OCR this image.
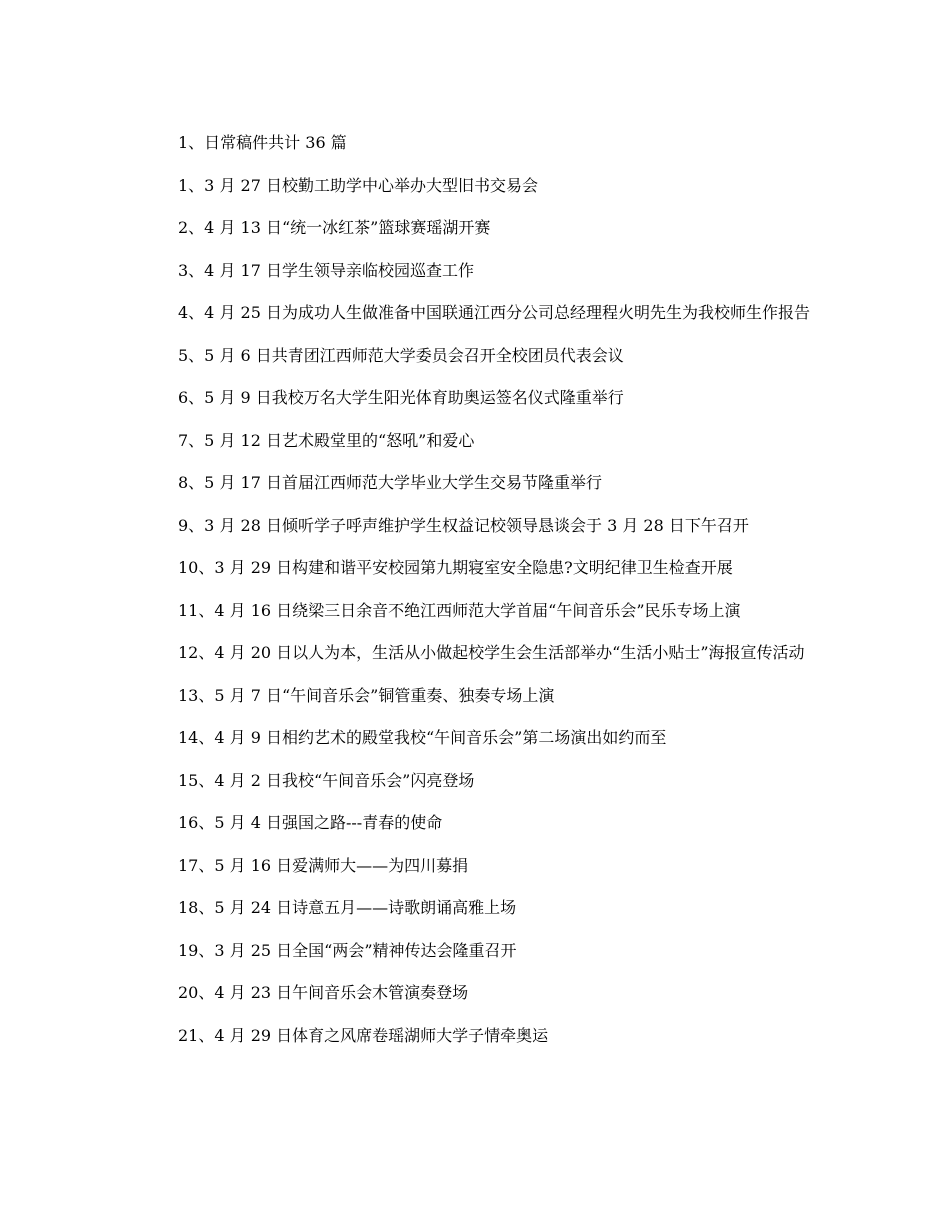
1、日常稿件共计 36 篇

1、3 月 27 日校勤工助学中心举办大型旧书交易会

2、4 月 13 日“统一冰红茶”篮球赛瑶湖开赛

3、4 月 17 日学生领导亲临校园巡查工作

4、4 月 25 日为成功人生做准备中国联通江西分公司总经理程火明先生为我校师生作报告

5、5 月 6 日共青团江西师范大学委员会召开全校团员代表会议

6、5 月 9 日我校万名大学生阳光体育助奥运签名仪式隆重举行

7、5 月 12 日艺术殿堂里的“怒吼”和爱心

8、5 月 17 日首届江西师范大学毕业大学生交易节隆重举行

9、3 月 28 日倾听学子呼声维护学生权益记校领导恳谈会于 3 月 28 日下午召开

10、3 月 29 日构建和谐平安校园第九期寝室安全隐患?文明纪律卫生检查开展

11、4 月 16 日绕梁三日余音不绝江西师范大学首届“午间音乐会”民乐专场上演

12、4 月 20 日以人为本，生活从小做起校学生会生活部举办“生活小贴士”海报宣传活动

13、5 月 7 日“午间音乐会”铜管重奏、独奏专场上演

14、4 月 9 日相约艺术的殿堂我校“午间音乐会”第二场演出如约而至

15、4 月 2 日我校“午间音乐会”闪亮登场

16、5 月 4 日强国之路---青春的使命

17、5 月 16 日爱满师大——为四川募捐

18、5 月 24 日诗意五月——诗歌朗诵高雅上场

19、3 月 25 日全国“两会”精神传达会隆重召开

20、4 月 23 日午间音乐会木管演奏登场

21、4 月 29 日体育之风席卷瑶湖师大学子情牵奥运
